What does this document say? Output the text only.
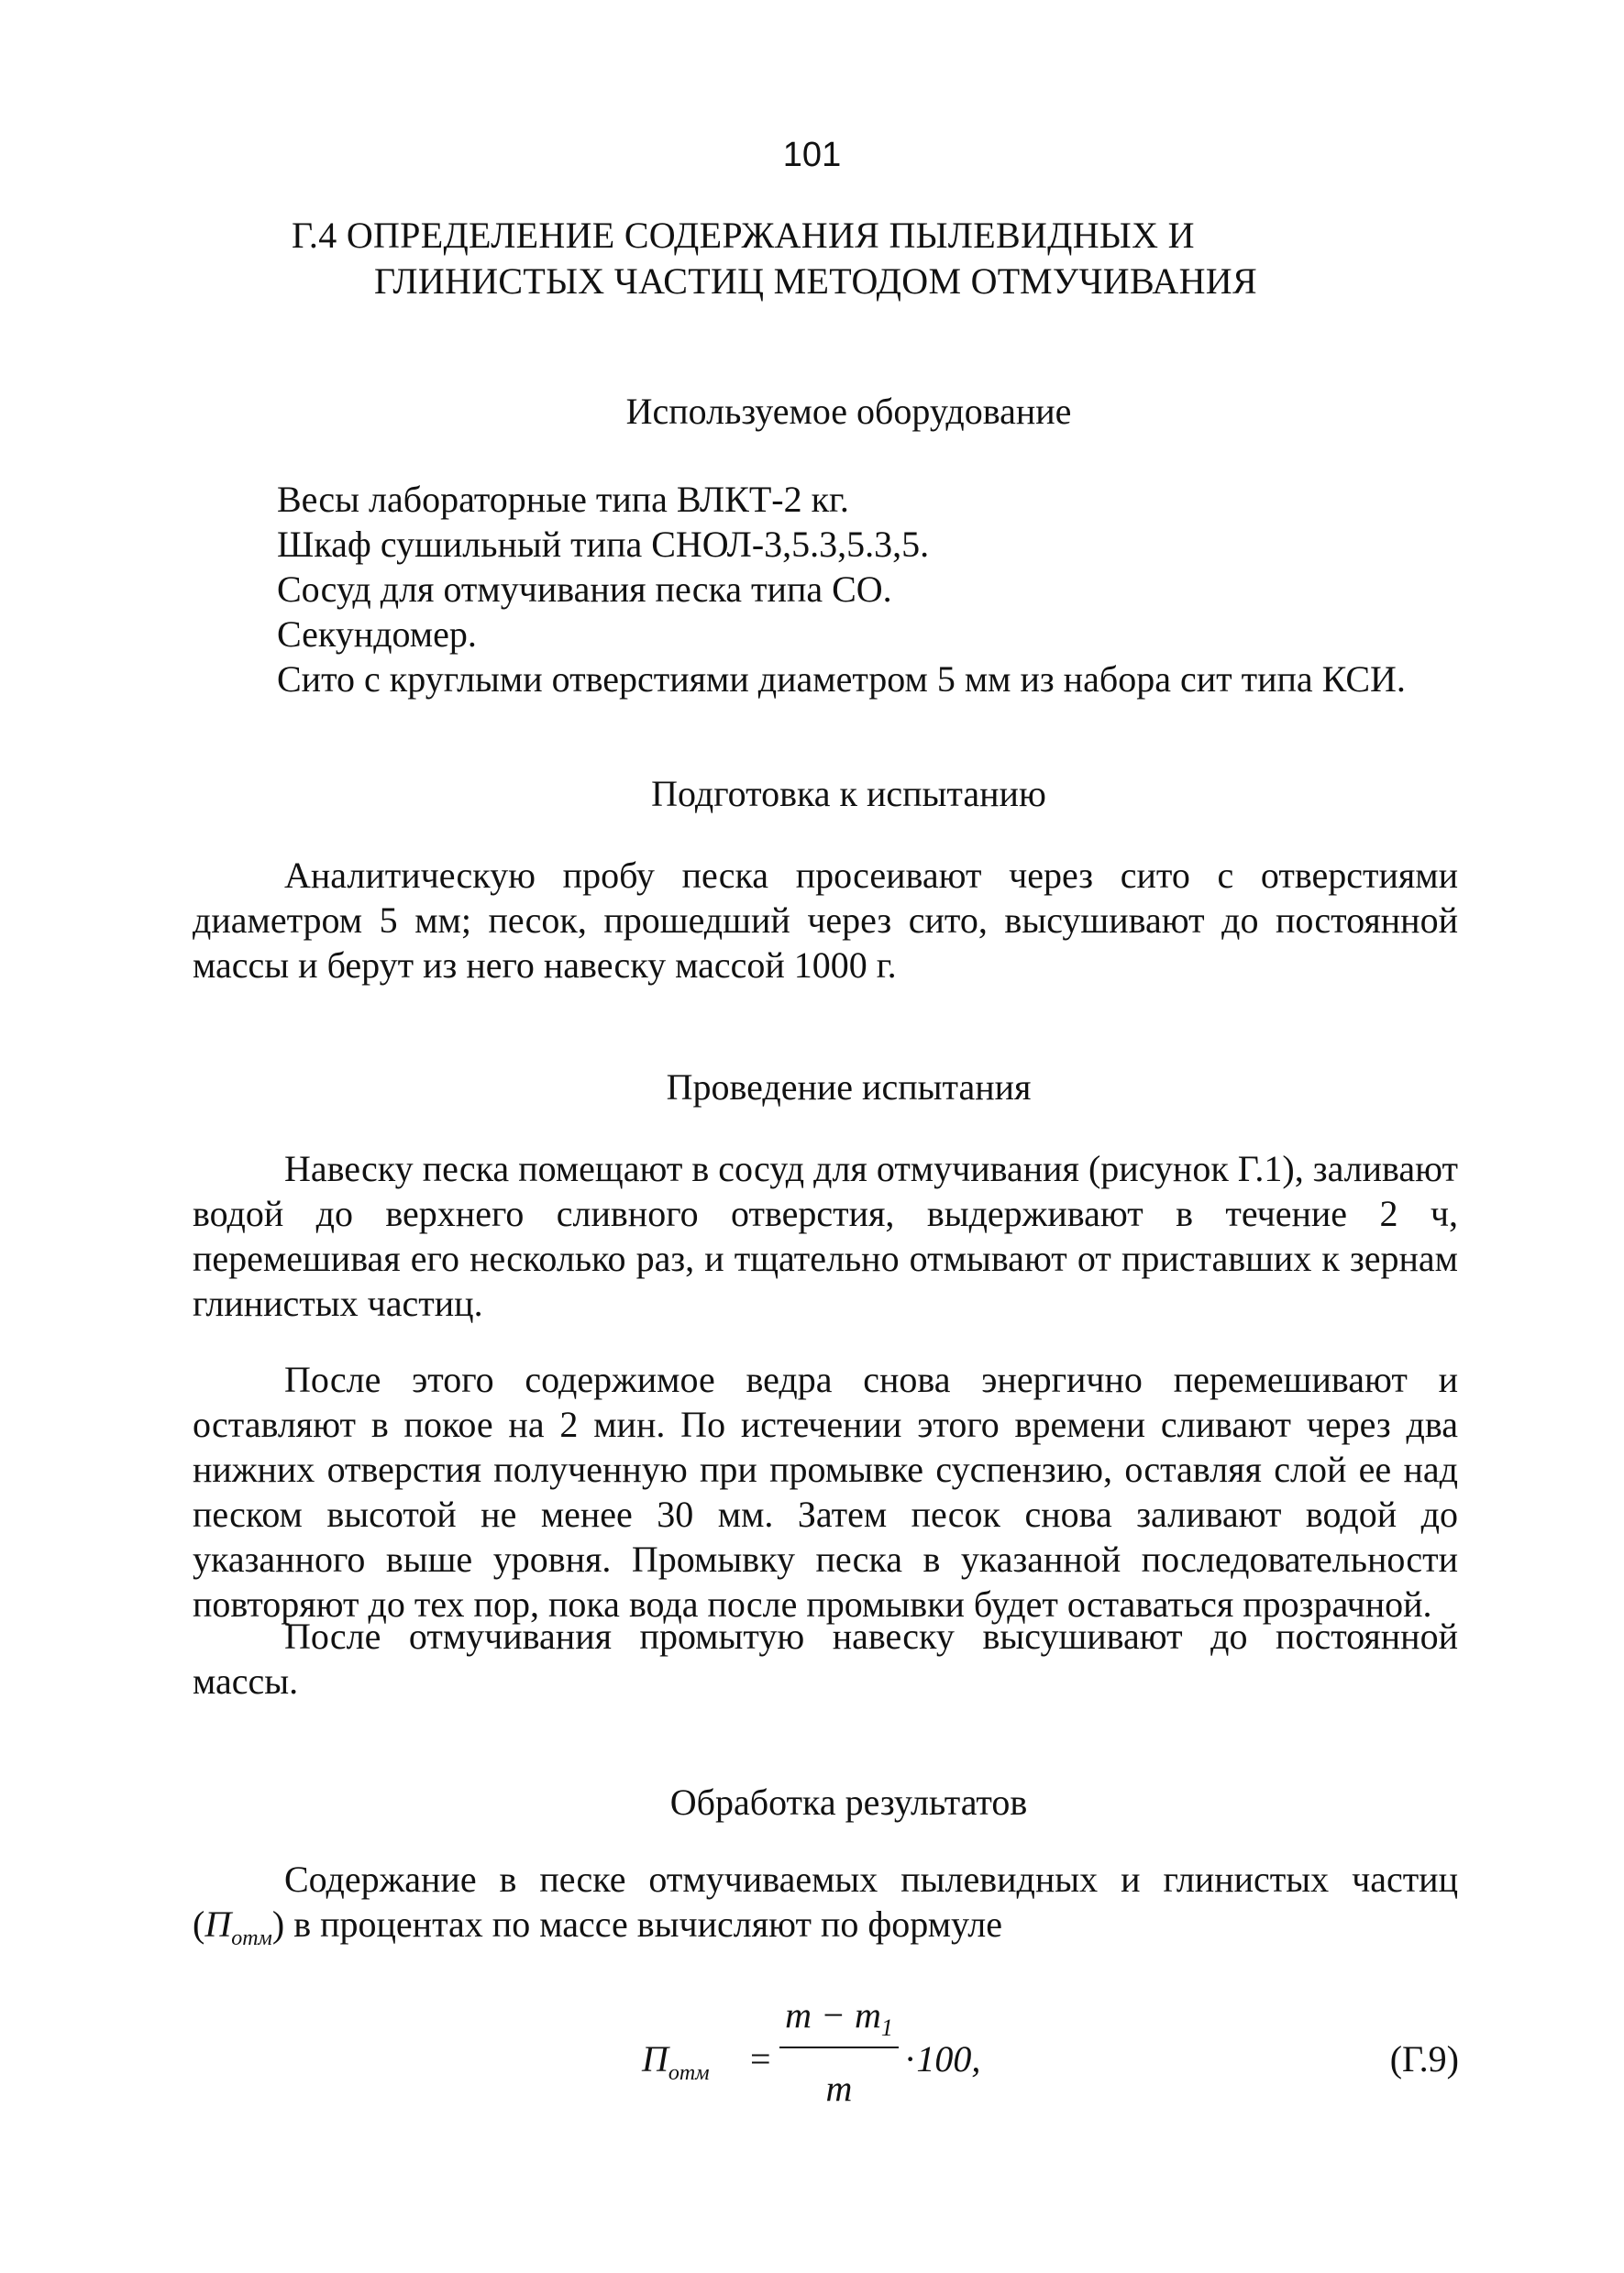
101
Г.4 ОПРЕДЕЛЕНИЕ СОДЕРЖАНИЯ ПЫЛЕВИДНЫХ И
ГЛИНИСТЫХ ЧАСТИЦ МЕТОДОМ ОТМУЧИВАНИЯ
Используемое оборудование
Весы лабораторные типа ВЛКТ-2 кг.
Шкаф сушильный типа СНОЛ-3,5.3,5.3,5.
Сосуд для отмучивания песка типа СО.
Секундомер.
Сито с круглыми отверстиями диаметром 5 мм из набора сит типа КСИ.
Подготовка к испытанию

Аналитическую пробу песка просеивают через сито с отверстиями диаметром 5 мм; песок, прошедший через сито, высушивают до постоянной массы и берут из него навеску массой 1000 г.

Проведение испытания

Навеску песка помещают в сосуд для отмучивания (рисунок Г.1), заливают водой до верхнего сливного отверстия, выдерживают в течение 2 ч, перемешивая его несколько раз, и тщательно отмывают от приставших к зернам глинистых частиц.

После этого содержимое ведра снова энергично перемешивают и оставляют в покое на 2 мин. По истечении этого времени сливают через два нижних отверстия полученную при промывке суспензию, оставляя слой ее над песком высотой не менее 30 мм. Затем песок снова заливают водой до указанного выше уровня. Промывку песка в указанной последовательности повторяют до тех пор, пока вода после промывки будет оставаться прозрачной.

После отмучивания промытую навеску высушивают до постоянной массы.

Обработка результатов

Содержание в песке отмучиваемых пылевидных и глинистых частиц $(П_{отм})$ в процентах по массе вычисляют по формуле

$П_{отм}$ =
$m - m_1$
m
·100,	(Г.9)
